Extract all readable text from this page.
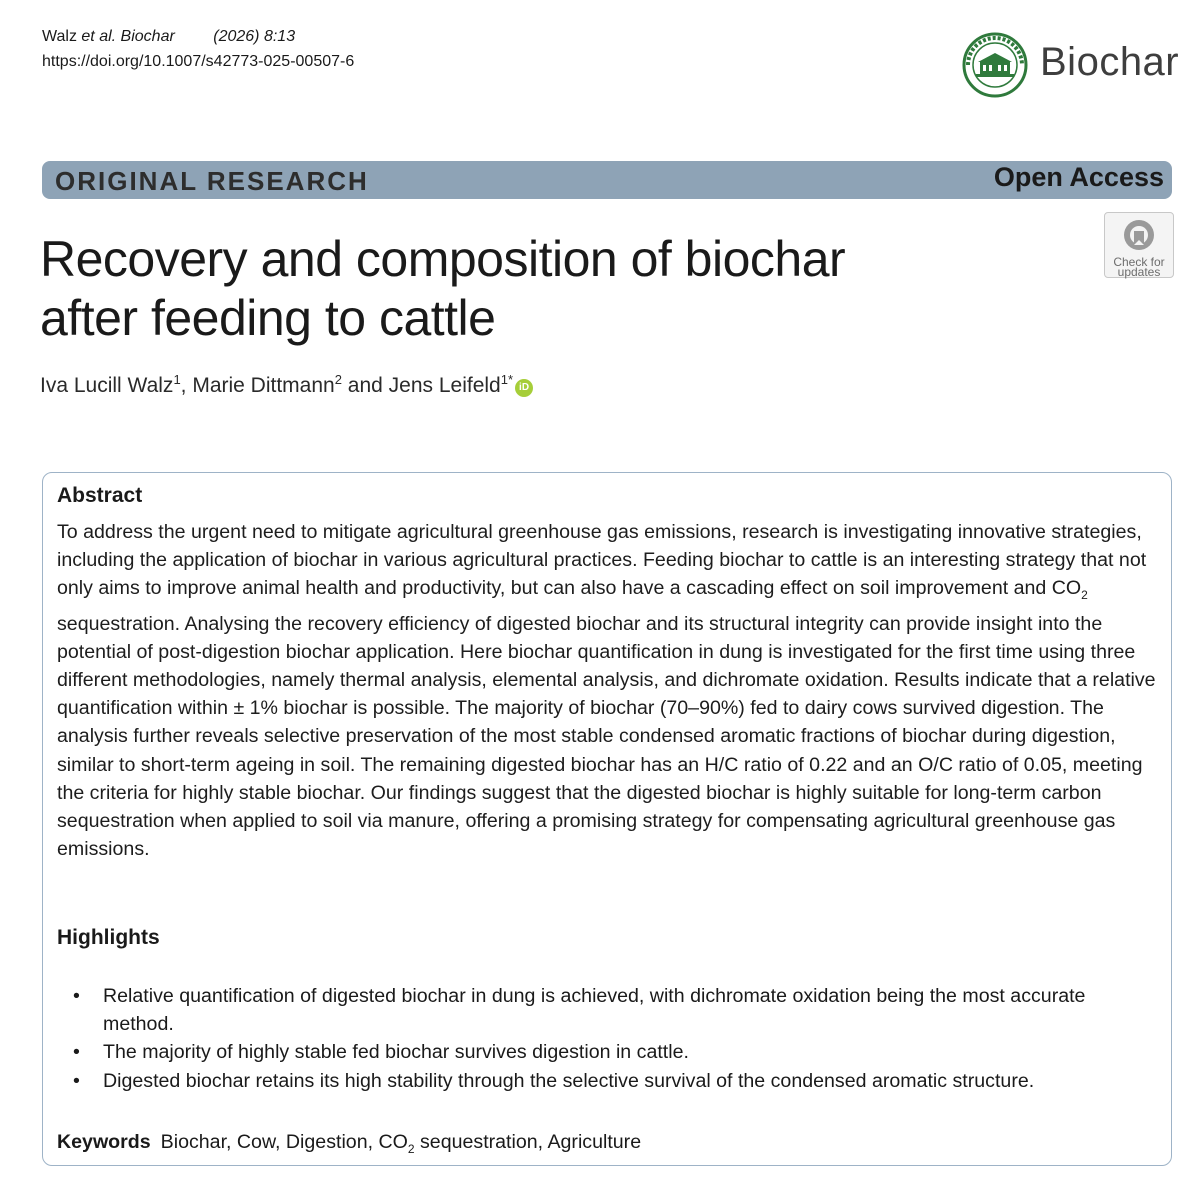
Walz et al. Biochar (2026) 8:13
https://doi.org/10.1007/s42773-025-00507-6	Biochar
ORIGINAL RESEARCH	Open Access
Check for
updates
Recovery and composition of biochar
after feeding to cattle
Iva Lucill Walz$^1$, Marie Dittmann$^2$ and Jens Leifeld$^{1*}$iD
Abstract
To address the urgent need to mitigate agricultural greenhouse gas emissions, research is investigating innovative strategies, including the application of biochar in various agricultural practices. Feeding biochar to cattle is an interesting strategy that not only aims to improve animal health and productivity, but can also have a cascading effect on soil improvement and $CO_2$ sequestration. Analysing the recovery efficiency of digested biochar and its structural integrity can provide insight into the potential of post-digestion biochar application. Here biochar quantification in dung is investigated for the first time using three different methodologies, namely thermal analysis, elemental analysis, and dichromate oxidation. Results indicate that a relative quantification within ± 1% biochar is possible. The majority of biochar (70–90%) fed to dairy cows survived digestion. The analysis further reveals selective preservation of the most stable condensed aromatic fractions of biochar during digestion, similar to short-term ageing in soil. The remaining digested biochar has an H/C ratio of 0.22 and an O/C ratio of 0.05, meeting the criteria for highly stable biochar. Our findings suggest that the digested biochar is highly suitable for long-term carbon sequestration when applied to soil via manure, offering a promising strategy for compensating agricultural greenhouse gas emissions.
Highlights
• Relative quantification of digested biochar in dung is achieved, with dichromate oxidation being the most accurate method.
• The majority of highly stable fed biochar survives digestion in cattle.
• Digested biochar retains its high stability through the selective survival of the condensed aromatic structure.
Keywords Biochar, Cow, Digestion, $CO_2$ sequestration, Agriculture
